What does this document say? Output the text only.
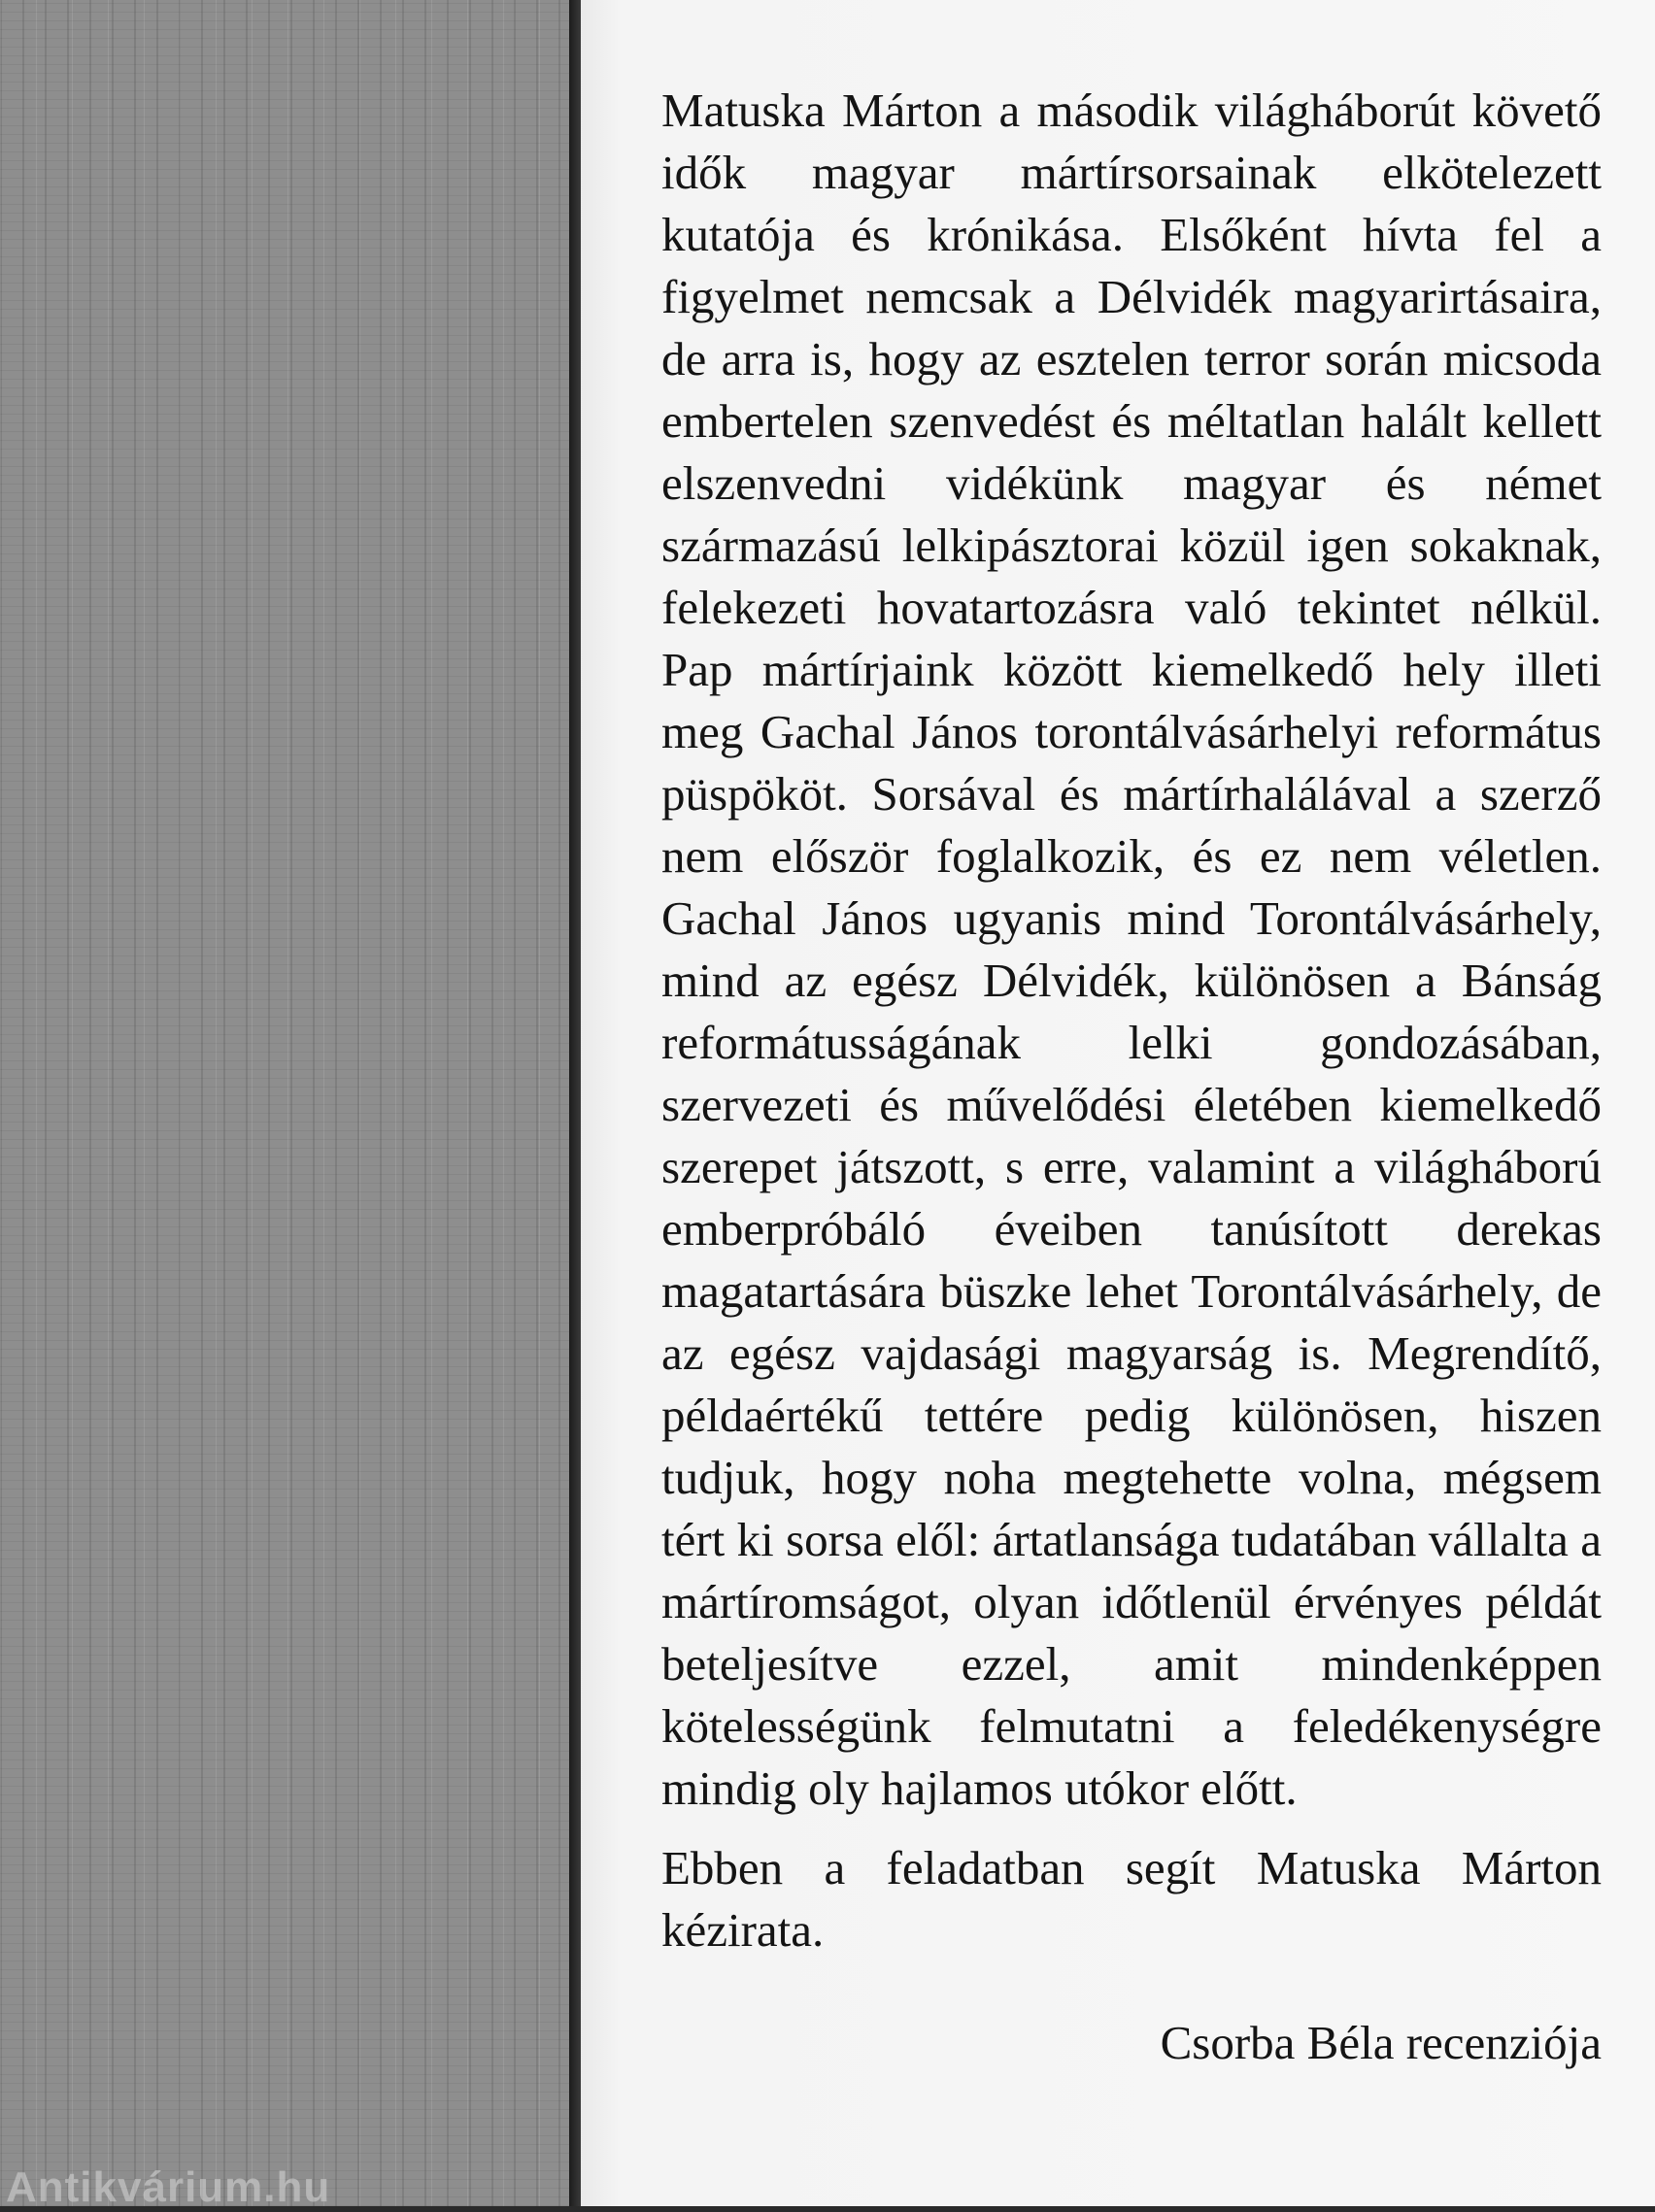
Antikvárium.hu

Matuska Márton a második világháborút követő idők magyar mártírsorsainak elkötelezett kutatója és krónikása. Elsőként hívta fel a figyelmet nemcsak a Délvidék magyarirtásaira, de arra is, hogy az esztelen terror során micsoda embertelen szenvedést és méltatlan halált kellett elszenvedni vidékünk magyar és német származású lelkipásztorai közül igen sokaknak, felekezeti hovatartozásra való tekintet nélkül. Pap mártírjaink között kiemelkedő hely illeti meg Gachal János torontálvásárhelyi református püspököt. Sorsával és mártírhalálával a szerző nem először foglalkozik, és ez nem véletlen. Gachal János ugyanis mind Torontálvásárhely, mind az egész Délvidék, különösen a Bánság reformátusságának lelki gondozásában, szervezeti és művelődési életében kiemelkedő szerepet játszott, s erre, valamint a világháború emberpróbáló éveiben tanúsított derekas magatartására büszke lehet Torontálvásárhely, de az egész vajdasági magyarság is. Megrendítő, példaértékű tettére pedig különösen, hiszen tudjuk, hogy noha megtehette volna, mégsem tért ki sorsa elől: ártatlansága tudatában vállalta a mártíromságot, olyan időtlenül érvényes példát beteljesítve ezzel, amit mindenképpen kötelességünk felmutatni a feledékenységre mindig oly hajlamos utókor előtt.

Ebben a feladatban segít Matuska Márton kézirata.

Csorba Béla recenziója
